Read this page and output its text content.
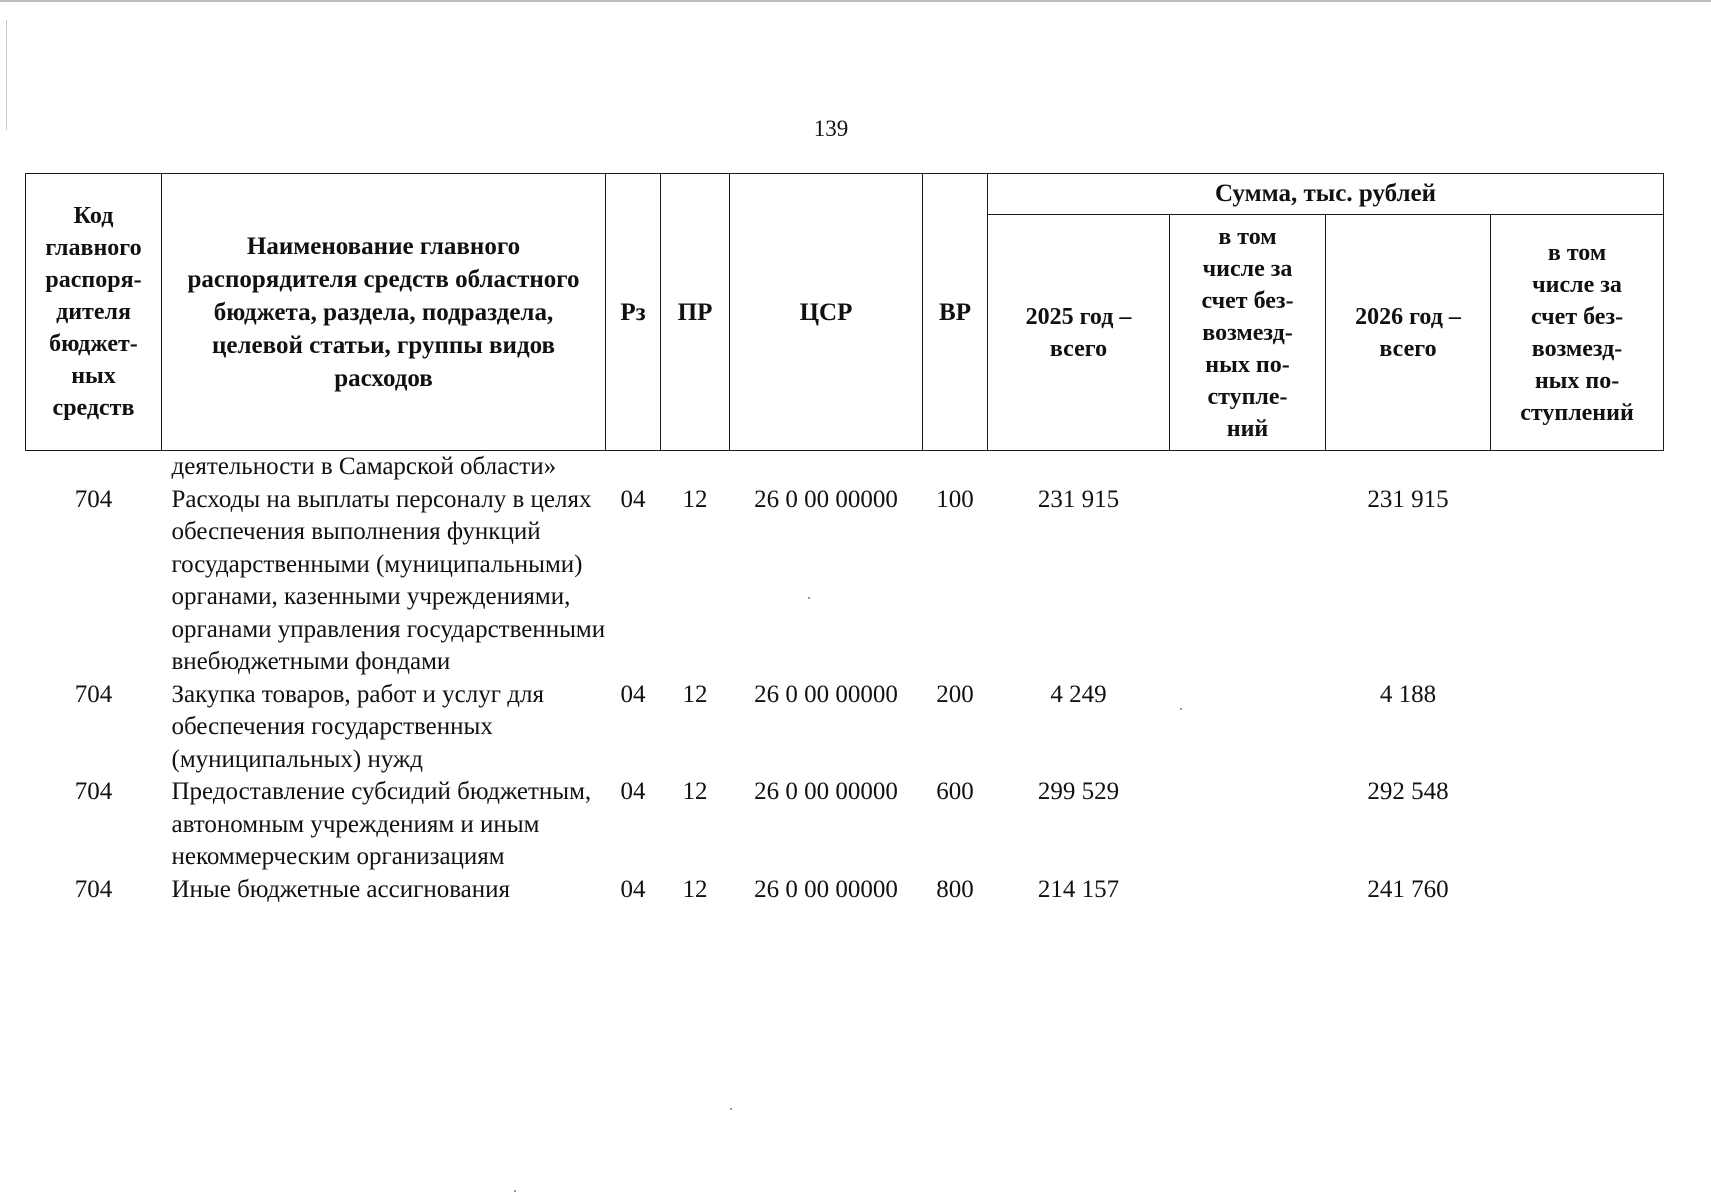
139
Код главного распоря-дителя бюджет-ных средств	Наименование главного распорядителя средств областного бюджета, раздела, подраздела, целевой статьи, группы видов расходов	Рз	ПР	ЦСР	ВР	Сумма, тыс. рублей			
						2025 год – всего	в том числе за счет без-возмезд-ных по-ступле-ний	2026 год – всего	в том числе за счет без-возмезд-ных по-ступлений
	деятельности в Самарской области»								
704	Расходы на выплаты персоналу в целях обеспечения выполнения функций государственными (муниципальными) органами, казенными учреждениями, органами управления государственными внебюджетными фондами	04	12	26 0 00 00000	100	231 915		231 915	
704	Закупка товаров, работ и услуг для обеспечения государственных (муниципальных) нужд	04	12	26 0 00 00000	200	4 249		4 188	
704	Предоставление субсидий бюджетным, автономным учреждениям и иным некоммерческим организациям	04	12	26 0 00 00000	600	299 529		292 548	
704	Иные бюджетные ассигнования	04	12	26 0 00 00000	800	214 157		241 760	
